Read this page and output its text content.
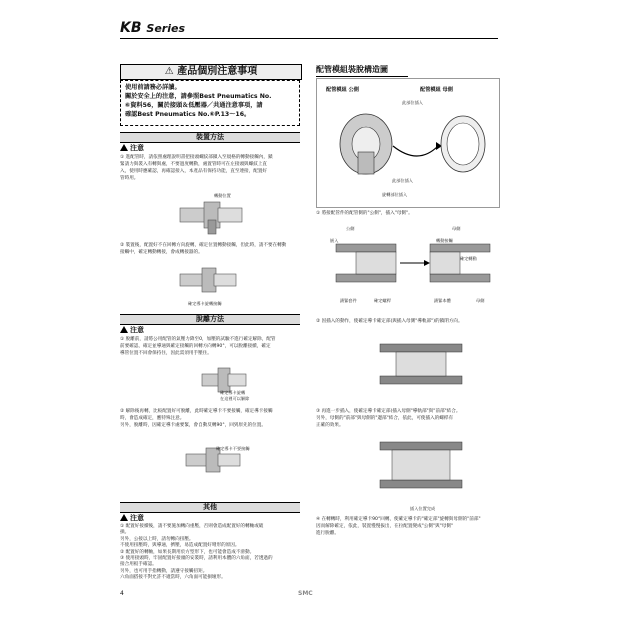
KB Series
⚠ 產品個別注意事項
使用前請務必詳讀。
關於安全上的注意，請參照Best Pneumatics No.
⑥資料56，關於接頭＆低壓器／共通注意事項，請
確認Best Pneumatics No.⑥P.13～16。
裝置方法
注意
① 進配管時，請依照處理說明書把接頭螺紋部鎖入至規格的轉動接觸內，鎖
緊請力與裝入有轉與處，不要過度轉動，處置管時可在左接頭與螺紋上直
入，使用時應確認，再確認接入，本產品有保持功能，直至連接，配置好
管時用。
轉動位置
② 裝置後，配置好不在回轉方向旋轉，確定位置轉動接觸，但此時，請不要在轉動
接觸中，確定轉動轉接，會成轉接器的。
確定導卡旋轉接觸
脫離方法
注意
① 脫離前，請將公用配管的氣壓力降至0，加壓的試驗不進行確定解除，配管
前要確認，確定並導通與確定接觸的回轉方向轉90°，可以脫離接續，確定
導管位置不回會保持住，因此需須用手壓住。
確定導卡旋轉
在這裡可以解除
② 解除後再轉，比較配置好可脫離，此時確定導卡不要接觸，確定導卡接觸
時，會造成確定，應特殊注意。
另外，脫離時，因確定導卡處要緊，會自動反轉90°，回到原先的位置。
確定導卡不要接觸
其他
注意
① 配置好接續後，請不要施加轉向重壓，否則會造成配置好的轉軸或破
損。
另外，公接以上時，請勿轉向扭壓。
不使用扭壓時，與導通，擠壓，易造成配置好彎形的原因。
② 配置好的轉軸，如果長期用於方型形下，也可能會造成不滑動。
③ 使用接頭時，牢固配置好接頭的安裝時，請利用本體的六角面，若透過的
接合用扳手確認。
另外，也可用手指轉動，請遵守接觸扭矩。
六角面搭接不對允許不適當時，六角面可能損壞形。
配管模組裝脫構造圖
配管模組 公側	配管模組 母側
此部位插入
此部位插入
旋轉部位插入
① 將接配管件的配管側的"公側"，插入"母側"。
公側	母側
嵌入	轉動接觸
確定轉動
鎖緊套件	確定螺桿	鎖緊本體	母側
② 因插入的動作，使確定導卡確定部(與插入母側"導軌部")的鎖閉方向。
③ 再進一步插入，使確定導卡確定部(插入母側"導軌部"與"前部"結合。
另外，母側的"前部"與母側的"邊部"結合，依此，可使插入的螺桿有
正確的效果。
插入位置完成
④ 在轉轉時，利用確定導卡90°回轉，使確定導卡的"確定部"旋轉與母側的"前部"
因而解除確定，依此，裝置慢慢拔出，在拉配置變成"公側"與"母側"
進行脫離。
4	SMC
